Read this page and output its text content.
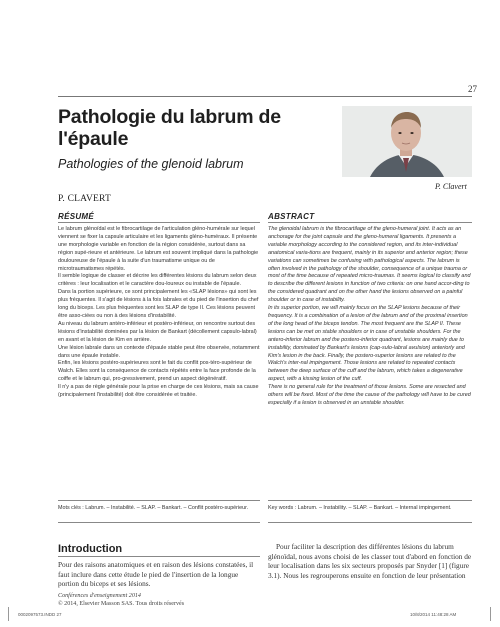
27
Pathologie du labrum de l'épaule
Pathologies of the glenoid labrum
P. CLAVERT
P. Clavert
RÉSUMÉ	ABSTRACT

Le labrum glénoïdal est le fibrocartilage de l'articulation gléno-humérale sur lequel viennent se fixer la capsule articulaire et les ligaments gléno-huméraux. Il présente une morphologie variable en fonction de la région considérée, surtout dans sa région supé-rieure et antérieure. Le labrum est souvent impliqué dans la pathologie douloureuse de l'épaule à la suite d'un traumatisme unique ou de microtraumatismes répétés.

Il semble logique de classer et décrire les différentes lésions du labrum selon deux critères : leur localisation et le caractère dou-loureux ou instable de l'épaule.

Dans la portion supérieure, ce sont principalement les «SLAP lésions» qui sont les plus fréquentes. Il s'agit de lésions à la fois labrales et du pied de l'insertion du chef long du biceps. Les plus fréquentes sont les SLAP de type II. Ces lésions peuvent être asso-ciées ou non à des lésions d'instabilité.

Au niveau du labrum antéro-inférieur et postéro-inférieur, on rencontre surtout des lésions d'instabilité dominées par la lésion de Bankart (décollement capsulo-labral) en avant et la lésion de Kim en arrière.

Une lésion labrale dans un contexte d'épaule stable peut être observée, notamment dans une épaule instable.

Enfin, les lésions postéro-supérieures sont le fait du conflit pos-téro-supérieur de Walch. Elles sont la conséquence de contacts répétés entre la face profonde de la coiffe et le labrum qui, pro-gressivement, prend un aspect dégénératif.

Il n'y a pas de règle générale pour la prise en charge de ces lésions, mais sa cause (principalement l'instabilité) doit être considérée et traitée.

The glenoidal labrum is the fibrocartilage of the gleno-humeral joint. It acts as an anchorage for the joint capsule and the gleno-humeral ligaments. It presents a variable morphology according to the considered region, and its inter-individual anatomical varia-tions are frequent, mainly in its superior and anterior region; these variations can sometimes be confusing with pathological aspects. The labrum is often involved in the pathology of the shoulder, consequence of a unique trauma or most of the time because of repeated micro-traumas. It seems logical to classify and to describe the different lesions in function of two criteria: on one hand accor-ding to the considered quadrant and on the other hand the lesions observed on a painful shoulder or in case of instability.

In its superior portion, we will mainly focus on the SLAP lesions because of their frequency. It is a combination of a lesion of the labrum and of the proximal insertion of the long head of the biceps tendon. The most frequent are the SLAP II. These lesions can be met on stable shoulders or in case of unstable shoulders. For the antero-inferior labrum and the postero-inferior quadrant, lesions are mainly due to instability, dominated by Bankart's lesions (cap-sulo-labral avulsion) anteriorly and Kim's lesion in the back. Finally, the postero-superior lesions are related to the Walch's inter-nal impingement. Those lesions are related to repeated contacts between the deep surface of the cuff and the labrum, which takes a degenerative aspect, with a kissing lesion of the cuff.

There is no general rule for the treatment of those lesions. Some are resected and others will be fixed. Most of the time the cause of the pathology will have to be cured especially if a lesion is observed in an unstable shoulder.

Mots clés : Labrum. – Instabilité. – SLAP. – Bankart. – Conflit postéro-supérieur.	Key words : Labrum. – Instability. – SLAP. – Bankart. – Internal impingement.
Introduction

Pour des raisons anatomiques et en raison des lésions constatées, il faut inclure dans cette étude le pied de l'insertion de la longue portion du biceps et ses lésions.

Pour faciliter la description des différentes lésions du labrum glénoïdal, nous avons choisi de les classer tout d'abord en fonction de leur localisation dans les six secteurs proposés par Snyder [1] (figure 3.1). Nous les regrouperons ensuite en fonction de leur présentation

Conférences d'enseignement 2014
© 2014, Elsevier Masson SAS. Tous droits réservés
0002097573.INDD 27	10/8/2014 11:48:28 AM
